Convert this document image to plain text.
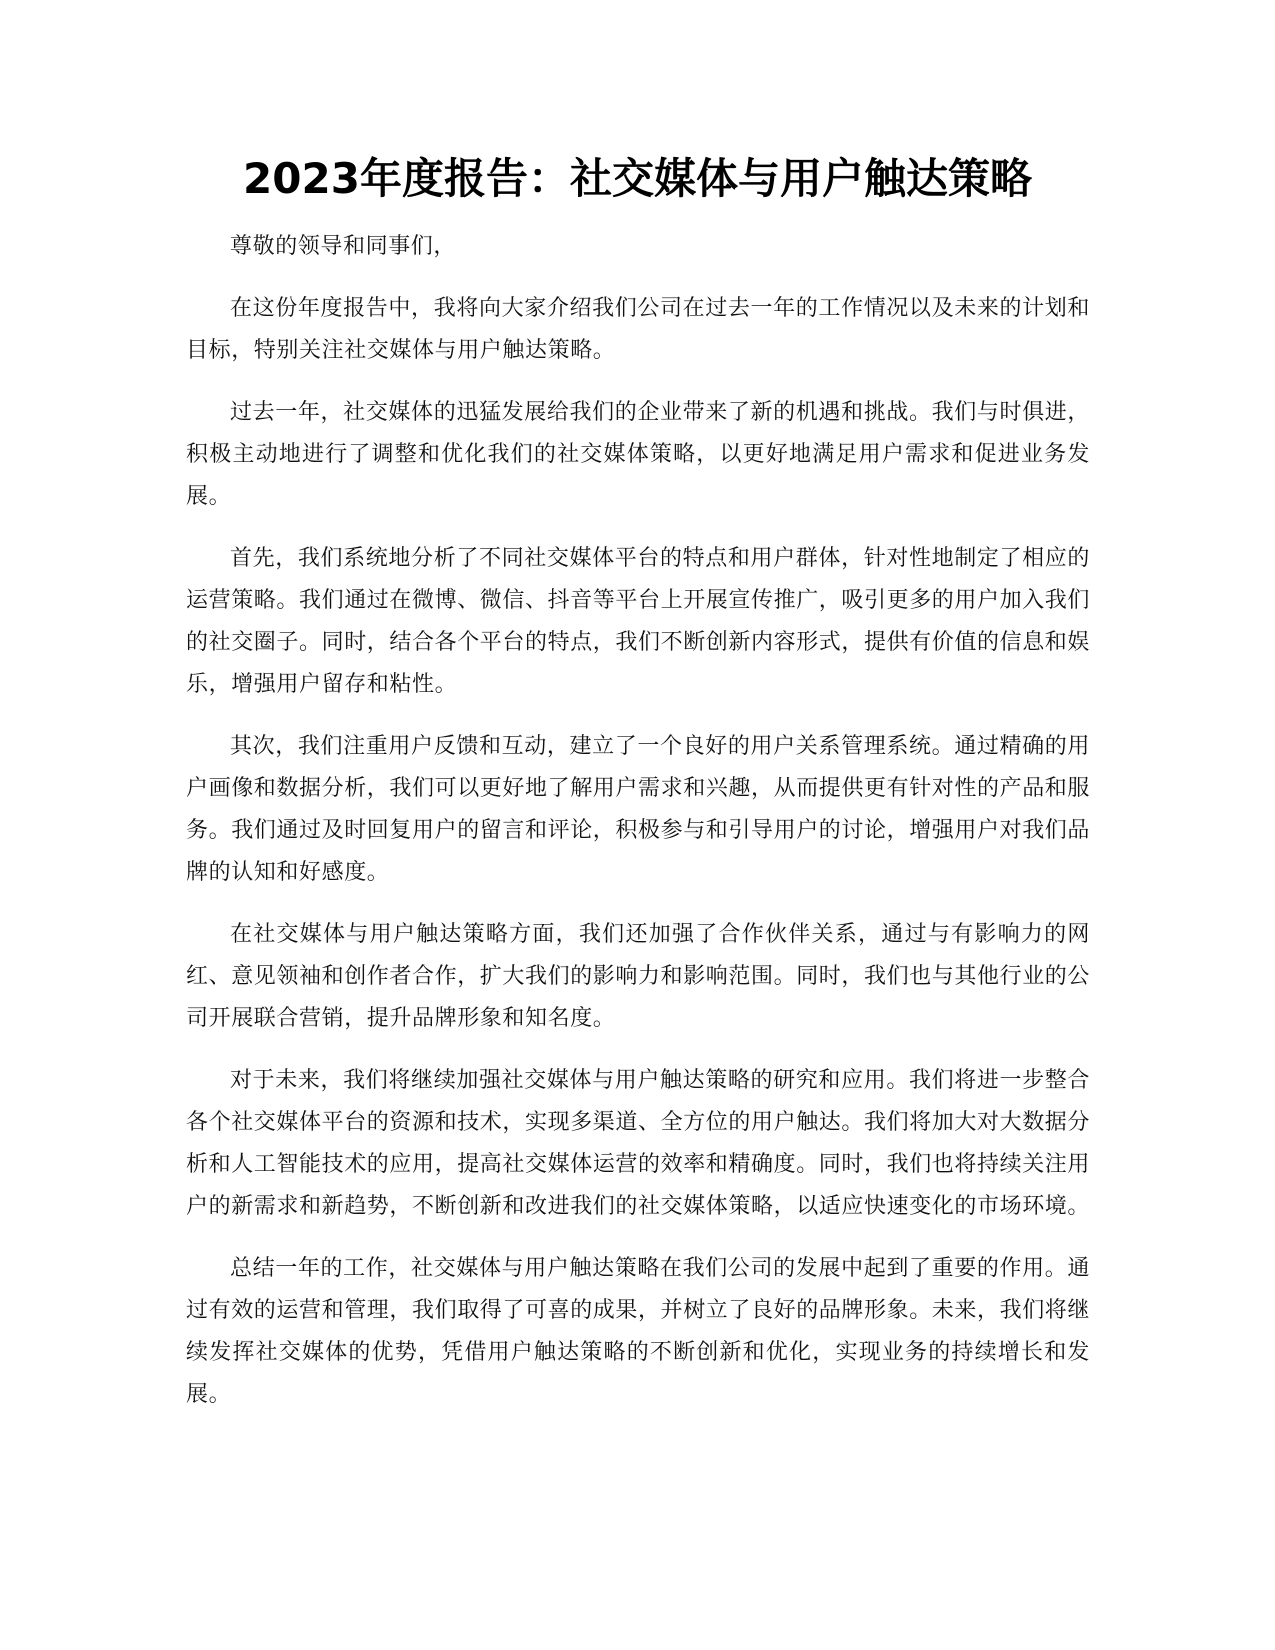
2023年度报告：社交媒体与用户触达策略

尊敬的领导和同事们，

在这份年度报告中，我将向大家介绍我们公司在过去一年的工作情况以及未来的计划和目标，特别关注社交媒体与用户触达策略。

过去一年，社交媒体的迅猛发展给我们的企业带来了新的机遇和挑战。我们与时俱进，积极主动地进行了调整和优化我们的社交媒体策略，以更好地满足用户需求和促进业务发展。

首先，我们系统地分析了不同社交媒体平台的特点和用户群体，针对性地制定了相应的运营策略。我们通过在微博、微信、抖音等平台上开展宣传推广，吸引更多的用户加入我们的社交圈子。同时，结合各个平台的特点，我们不断创新内容形式，提供有价值的信息和娱乐，增强用户留存和粘性。

其次，我们注重用户反馈和互动，建立了一个良好的用户关系管理系统。通过精确的用户画像和数据分析，我们可以更好地了解用户需求和兴趣，从而提供更有针对性的产品和服务。我们通过及时回复用户的留言和评论，积极参与和引导用户的讨论，增强用户对我们品牌的认知和好感度。

在社交媒体与用户触达策略方面，我们还加强了合作伙伴关系，通过与有影响力的网红、意见领袖和创作者合作，扩大我们的影响力和影响范围。同时，我们也与其他行业的公司开展联合营销，提升品牌形象和知名度。

对于未来，我们将继续加强社交媒体与用户触达策略的研究和应用。我们将进一步整合各个社交媒体平台的资源和技术，实现多渠道、全方位的用户触达。我们将加大对大数据分析和人工智能技术的应用，提高社交媒体运营的效率和精确度。同时，我们也将持续关注用户的新需求和新趋势，不断创新和改进我们的社交媒体策略，以适应快速变化的市场环境。

总结一年的工作，社交媒体与用户触达策略在我们公司的发展中起到了重要的作用。通过有效的运营和管理，我们取得了可喜的成果，并树立了良好的品牌形象。未来，我们将继续发挥社交媒体的优势，凭借用户触达策略的不断创新和优化，实现业务的持续增长和发展。
